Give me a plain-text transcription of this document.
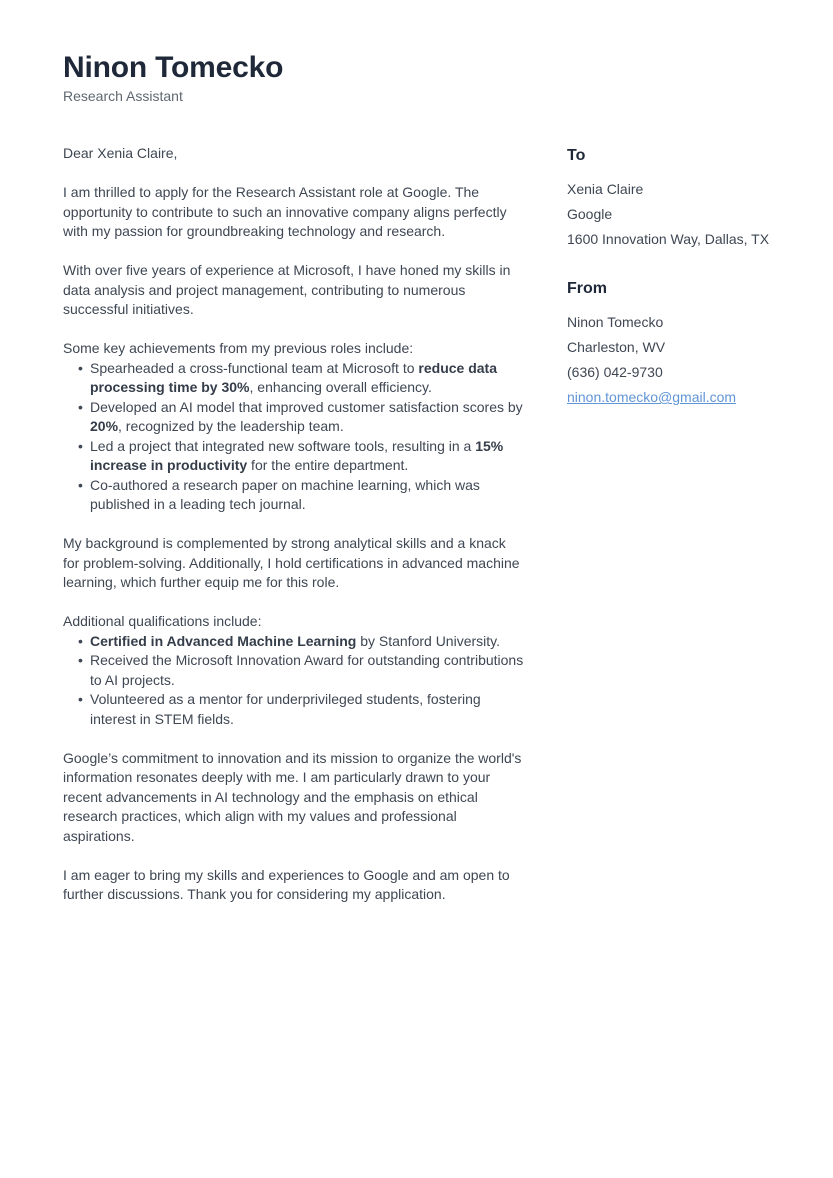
Ninon Tomecko
Research Assistant

Dear Xenia Claire,

I am thrilled to apply for the Research Assistant role at Google. The opportunity to contribute to such an innovative company aligns perfectly with my passion for groundbreaking technology and research.

With over five years of experience at Microsoft, I have honed my skills in data analysis and project management, contributing to numerous successful initiatives.

Some key achievements from my previous roles include:

• Spearheaded a cross-functional team at Microsoft to reduce data processing time by 30%, enhancing overall efficiency.
• Developed an AI model that improved customer satisfaction scores by 20%, recognized by the leadership team.
• Led a project that integrated new software tools, resulting in a 15% increase in productivity for the entire department.
• Co-authored a research paper on machine learning, which was published in a leading tech journal.

My background is complemented by strong analytical skills and a knack for problem-solving. Additionally, I hold certifications in advanced machine learning, which further equip me for this role.

Additional qualifications include:

• Certified in Advanced Machine Learning by Stanford University.
• Received the Microsoft Innovation Award for outstanding contributions to AI projects.
• Volunteered as a mentor for underprivileged students, fostering interest in STEM fields.

Google’s commitment to innovation and its mission to organize the world's information resonates deeply with me. I am particularly drawn to your recent advancements in AI technology and the emphasis on ethical research practices, which align with my values and professional aspirations.

I am eager to bring my skills and experiences to Google and am open to further discussions. Thank you for considering my application.

To
Xenia Claire
Google
1600 Innovation Way, Dallas, TX
From
Ninon Tomecko
Charleston, WV
(636) 042-9730
ninon.tomecko@gmail.com
